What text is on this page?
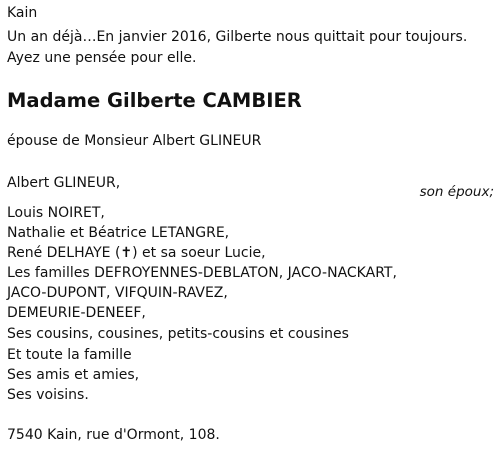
Kain
Un an déjà…En janvier 2016, Gilberte nous quittait pour toujours. Ayez une pensée pour elle.
Madame Gilberte CAMBIER
épouse de Monsieur Albert GLINEUR
Albert GLINEUR,
son époux;
Louis NOIRET,
Nathalie et Béatrice LETANGRE,
René DELHAYE (✝) et sa soeur Lucie,
Les familles DEFROYENNES-DEBLATON, JACO-NACKART,
JACO-DUPONT, VIFQUIN-RAVEZ,
DEMEURIE-DENEEF,
Ses cousins, cousines, petits-cousins et cousines
Et toute la famille
Ses amis et amies,
Ses voisins.
7540 Kain, rue d'Ormont, 108.
